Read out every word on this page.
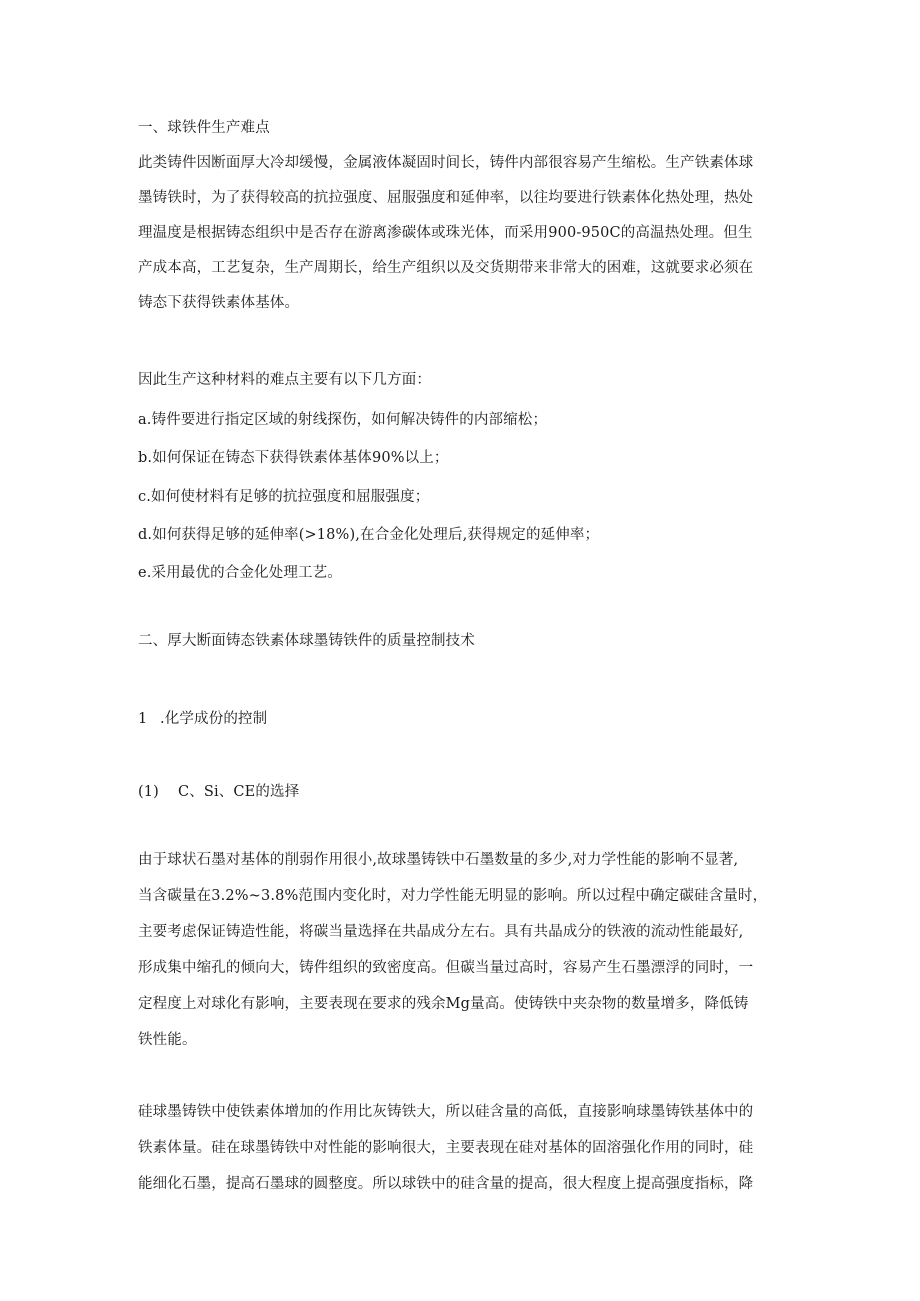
一、球铁件生产难点
此类铸件因断面厚大冷却缓慢，金属液体凝固时间长，铸件内部很容易产生缩松。生产铁素体球
墨铸铁时，为了获得较高的抗拉强度、屈服强度和延伸率，以往均要进行铁素体化热处理，热处
理温度是根据铸态组织中是否存在游离渗碳体或珠光体，而采用900-950C的高温热处理。但生
产成本高，工艺复杂，生产周期长，给生产组织以及交货期带来非常大的困难，这就要求必须在
铸态下获得铁素体基体。
因此生产这种材料的难点主要有以下几方面：
a.铸件要进行指定区域的射线探伤，如何解决铸件的内部缩松；
b.如何保证在铸态下获得铁素体基体90%以上；
c.如何使材料有足够的抗拉强度和屈服强度；
d.如何获得足够的延伸率(>18%),在合金化处理后,获得规定的延伸率；
e.采用最优的合金化处理工艺。
二、厚大断面铸态铁素体球墨铸铁件的质量控制技术
1 .化学成份的控制
(1) C、Si、CE的选择
由于球状石墨对基体的削弱作用很小,故球墨铸铁中石墨数量的多少,对力学性能的影响不显著,
当含碳量在3.2%~3.8%范围内变化时，对力学性能无明显的影响。所以过程中确定碳硅含量时，
主要考虑保证铸造性能，将碳当量选择在共晶成分左右。具有共晶成分的铁液的流动性能最好,
形成集中缩孔的倾向大，铸件组织的致密度高。但碳当量过高时，容易产生石墨漂浮的同时，一
定程度上对球化有影响，主要表现在要求的残余Mg量高。使铸铁中夹杂物的数量增多，降低铸
铁性能。
硅球墨铸铁中使铁素体增加的作用比灰铸铁大，所以硅含量的高低，直接影响球墨铸铁基体中的
铁素体量。硅在球墨铸铁中对性能的影响很大，主要表现在硅对基体的固溶强化作用的同时，硅
能细化石墨，提高石墨球的圆整度。所以球铁中的硅含量的提高，很大程度上提高强度指标，降
